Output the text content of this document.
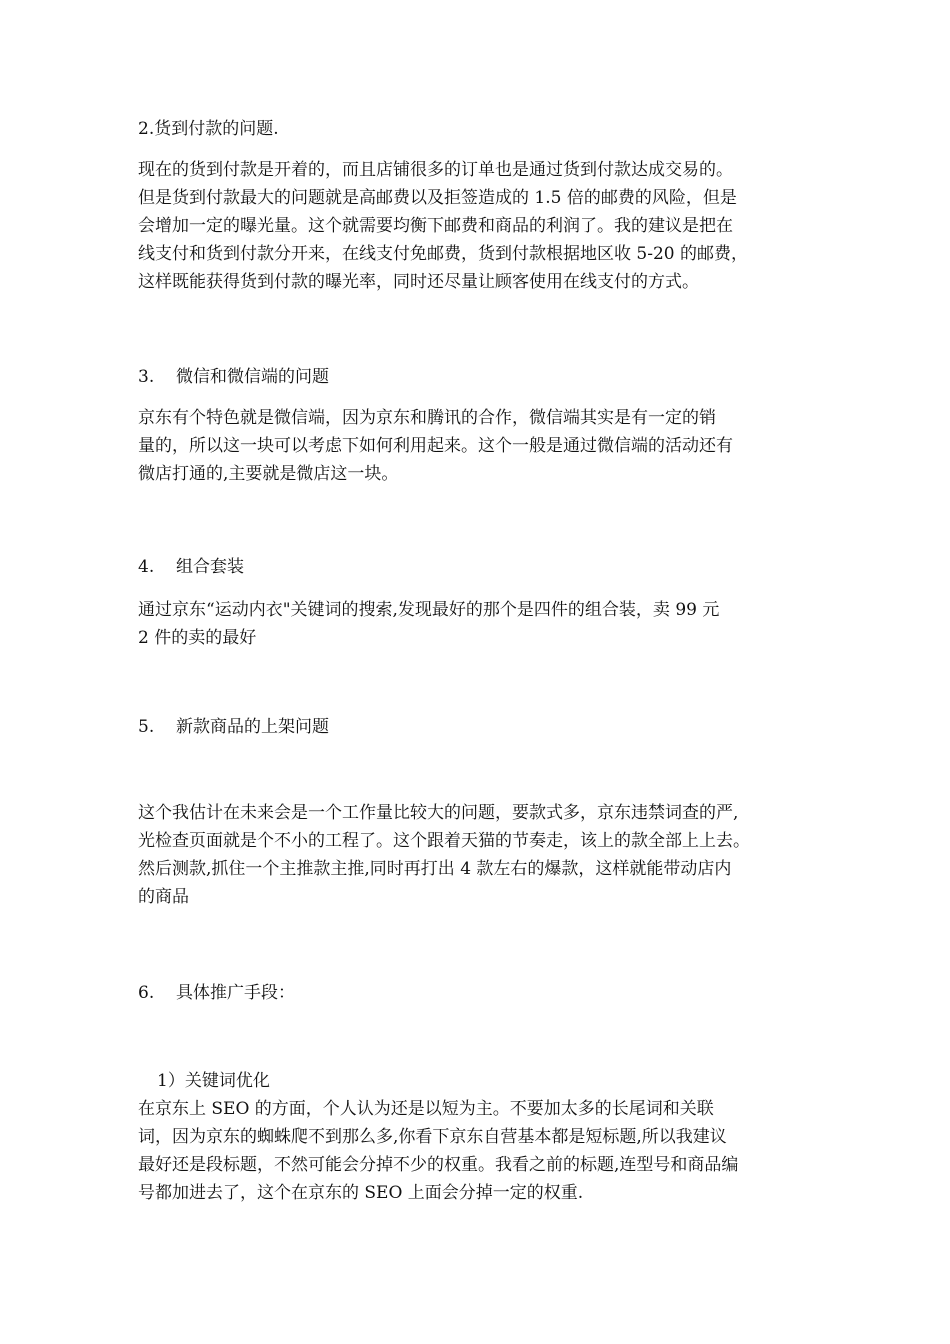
2.货到付款的问题.
现在的货到付款是开着的，而且店铺很多的订单也是通过货到付款达成交易的。
但是货到付款最大的问题就是高邮费以及拒签造成的 1.5 倍的邮费的风险，但是
会增加一定的曝光量。这个就需要均衡下邮费和商品的利润了。我的建议是把在
线支付和货到付款分开来，在线支付免邮费，货到付款根据地区收 5-20 的邮费，
这样既能获得货到付款的曝光率，同时还尽量让顾客使用在线支付的方式。
3. 微信和微信端的问题
京东有个特色就是微信端，因为京东和腾讯的合作，微信端其实是有一定的销
量的，所以这一块可以考虑下如何利用起来。这个一般是通过微信端的活动还有
微店打通的,主要就是微店这一块。
4. 组合套装
通过京东“运动内衣"关键词的搜索,发现最好的那个是四件的组合装，卖 99 元
2 件的卖的最好
5. 新款商品的上架问题
这个我估计在未来会是一个工作量比较大的问题，要款式多，京东违禁词查的严,
光检查页面就是个不小的工程了。这个跟着天猫的节奏走，该上的款全部上上去。
然后测款,抓住一个主推款主推,同时再打出 4 款左右的爆款，这样就能带动店内
的商品
6. 具体推广手段：
1）关键词优化
在京东上 SEO 的方面，个人认为还是以短为主。不要加太多的长尾词和关联
词，因为京东的蜘蛛爬不到那么多,你看下京东自营基本都是短标题,所以我建议
最好还是段标题，不然可能会分掉不少的权重。我看之前的标题,连型号和商品编
号都加进去了，这个在京东的 SEO 上面会分掉一定的权重.
